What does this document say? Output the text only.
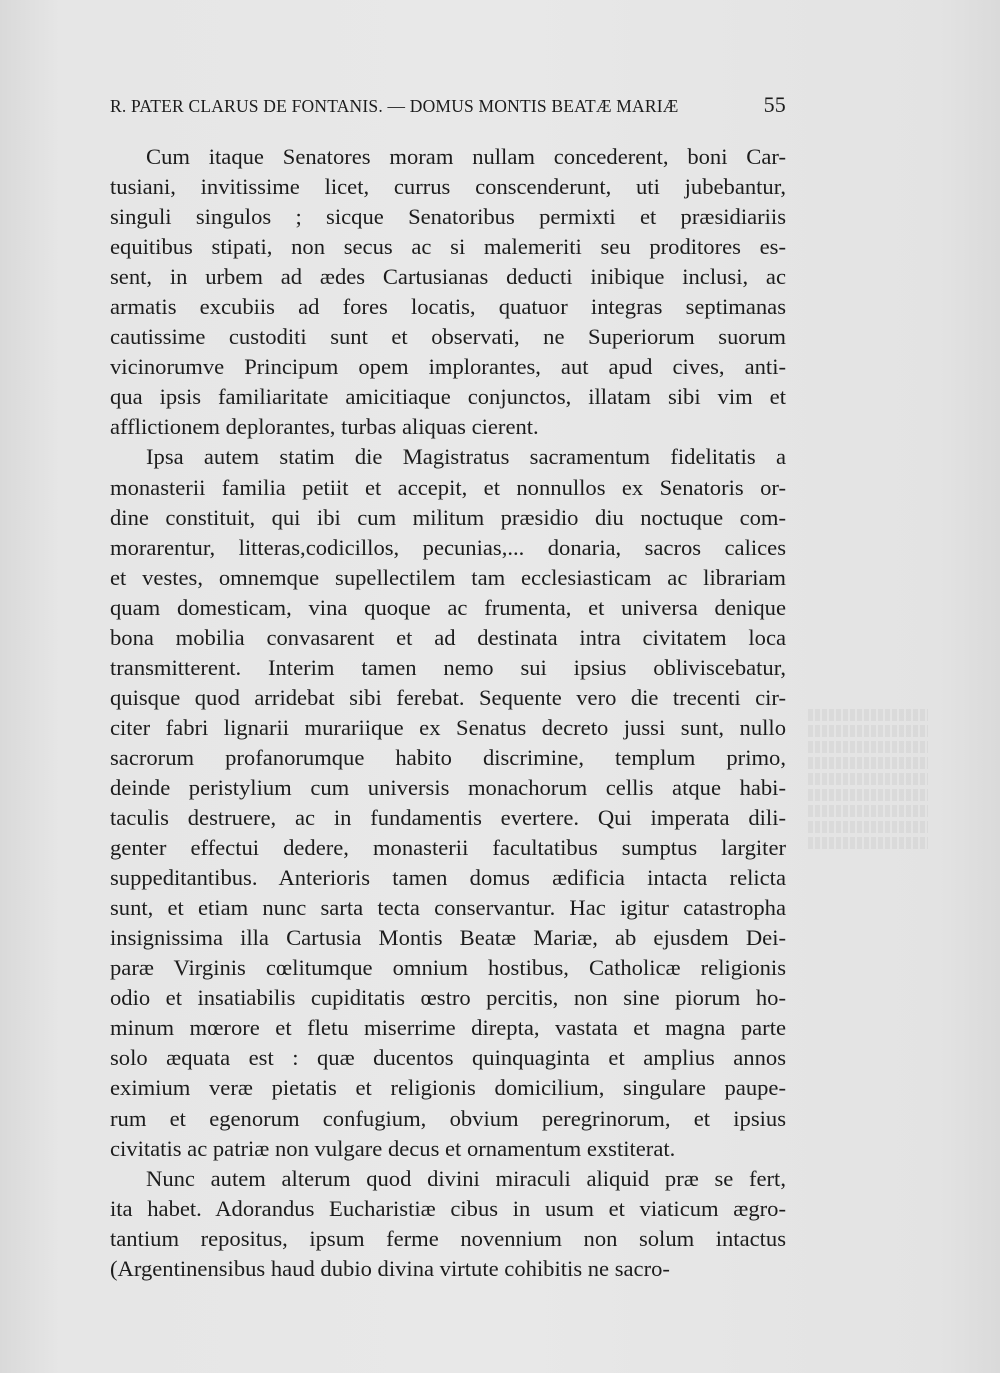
R. PATER CLARUS DE FONTANIS. — DOMUS MONTIS BEATÆ MARIÆ	55
Cum itaque Senatores moram nullam concederent, boni Car-
tusiani, invitissime licet, currus conscenderunt, uti jubebantur,
singuli singulos ; sicque Senatoribus permixti et præsidiariis
equitibus stipati, non secus ac si malemeriti seu proditores es-
sent, in urbem ad ædes Cartusianas deducti inibique inclusi, ac
armatis excubiis ad fores locatis, quatuor integras septimanas
cautissime custoditi sunt et observati, ne Superiorum suorum
vicinorumve Principum opem implorantes, aut apud cives, anti-
qua ipsis familiaritate amicitiaque conjunctos, illatam sibi vim et
afflictionem deplorantes, turbas aliquas cierent.
Ipsa autem statim die Magistratus sacramentum fidelitatis a
monasterii familia petiit et accepit, et nonnullos ex Senatoris or-
dine constituit, qui ibi cum militum præsidio diu noctuque com-
morarentur, litteras,codicillos, pecunias,... donaria, sacros calices
et vestes, omnemque supellectilem tam ecclesiasticam ac librariam
quam domesticam, vina quoque ac frumenta, et universa denique
bona mobilia convasarent et ad destinata intra civitatem loca
transmitterent. Interim tamen nemo sui ipsius obliviscebatur,
quisque quod arridebat sibi ferebat. Sequente vero die trecenti cir-
citer fabri lignarii murariique ex Senatus decreto jussi sunt, nullo
sacrorum profanorumque habito discrimine, templum primo,
deinde peristylium cum universis monachorum cellis atque habi-
taculis destruere, ac in fundamentis evertere. Qui imperata dili-
genter effectui dedere, monasterii facultatibus sumptus largiter
suppeditantibus. Anterioris tamen domus ædificia intacta relicta
sunt, et etiam nunc sarta tecta conservantur. Hac igitur catastropha
insignissima illa Cartusia Montis Beatæ Mariæ, ab ejusdem Dei-
paræ Virginis cœlitumque omnium hostibus, Catholicæ religionis
odio et insatiabilis cupiditatis œstro percitis, non sine piorum ho-
minum mœrore et fletu miserrime direpta, vastata et magna parte
solo æquata est : quæ ducentos quinquaginta et amplius annos
eximium veræ pietatis et religionis domicilium, singulare paupe-
rum et egenorum confugium, obvium peregrinorum, et ipsius
civitatis ac patriæ non vulgare decus et ornamentum exstiterat.
Nunc autem alterum quod divini miraculi aliquid præ se fert,
ita habet. Adorandus Eucharistiæ cibus in usum et viaticum ægro-
tantium repositus, ipsum ferme novennium non solum intactus
(Argentinensibus haud dubio divina virtute cohibitis ne sacro-
